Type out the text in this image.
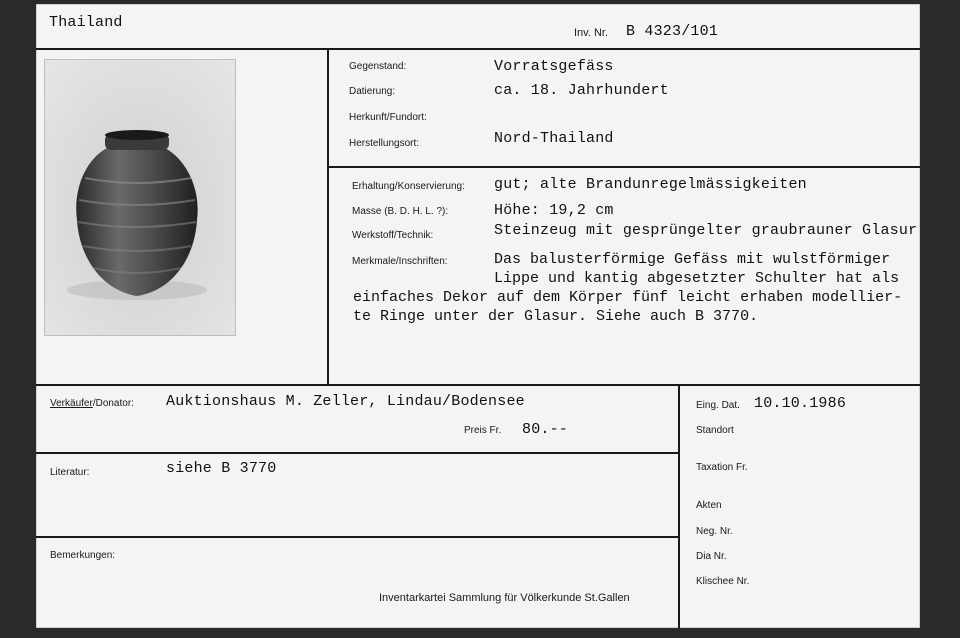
Thailand
Inv. Nr. B 4323/101
Gegenstand:	Vorratsgefäss
Datierung:	ca. 18. Jahrhundert
Herkunft/Fundort:
Herstellungsort:	Nord-Thailand
Erhaltung/Konservierung: gut; alte Brandunregelmässigkeiten
Masse (B. D. H. L. ?):	Höhe: 19,2 cm
Werkstoff/Technik:	Steinzeug mit gesprüngelter graubrauner Glasur
Merkmale/Inschriften:	Das balusterförmige Gefäss mit wulstförmiger
Lippe und kantig abgesetzter Schulter hat als
einfaches Dekor auf dem Körper fünf leicht erhaben modellier-
te Ringe unter der Glasur. Siehe auch B 3770.
Verkäufer/Donator: Auktionshaus M. Zeller, Lindau/Bodensee
Preis Fr. 80.--
Literatur:	siehe B 3770
Bemerkungen:
Inventarkartei Sammlung für Völkerkunde St.Gallen
Eing. Dat. 10.10.1986
Standort
Taxation Fr.
Akten
Neg. Nr.
Dia Nr.
Klischee Nr.
